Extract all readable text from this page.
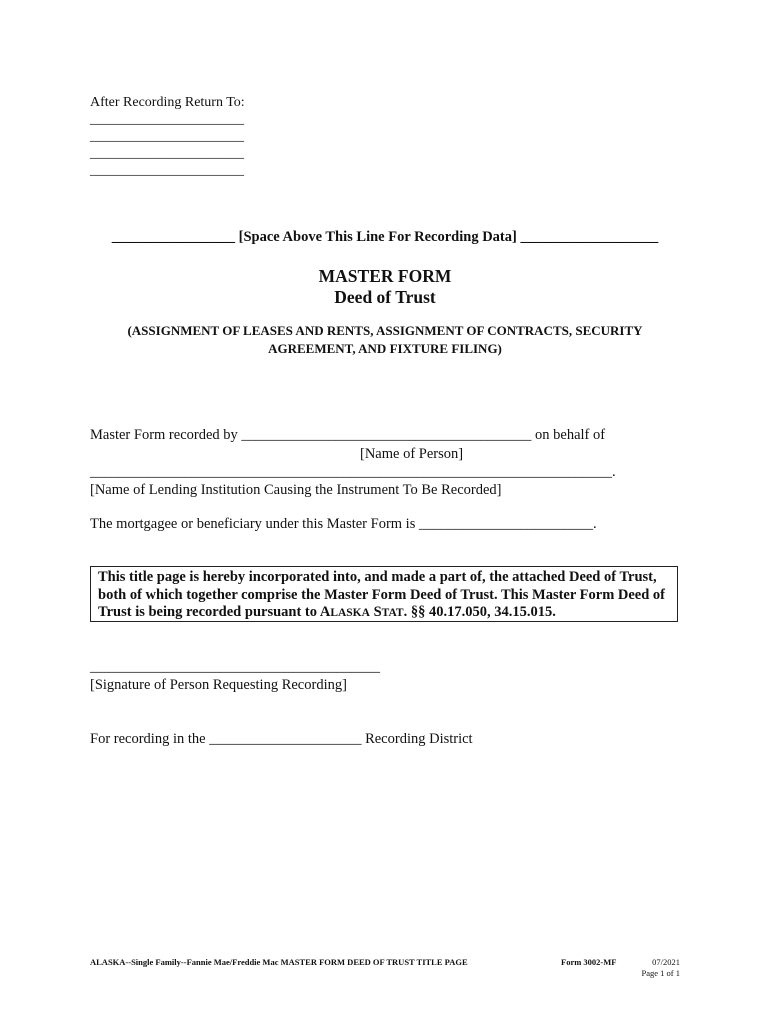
After Recording Return To:
______________________
______________________
______________________
______________________
_________________ [Space Above This Line For Recording Data] ___________________
MASTER FORM
Deed of Trust
(ASSIGNMENT OF LEASES AND RENTS, ASSIGNMENT OF CONTRACTS, SECURITY AGREEMENT, AND FIXTURE FILING)
Master Form recorded by ________________________________________ on behalf of
[Name of Person]
________________________________________________________________________.
[Name of Lending Institution Causing the Instrument To Be Recorded]
The mortgagee or beneficiary under this Master Form is ________________________.
This title page is hereby incorporated into, and made a part of, the attached Deed of Trust, both of which together comprise the Master Form Deed of Trust. This Master Form Deed of Trust is being recorded pursuant to ALASKA STAT. §§ 40.17.050, 34.15.015.
________________________________________
[Signature of Person Requesting Recording]
For recording in the _____________________ Recording District
ALASKA--Single Family--Fannie Mae/Freddie Mac MASTER FORM DEED OF TRUST TITLE PAGE	Form 3002-MF	07/2021
Page 1 of 1
